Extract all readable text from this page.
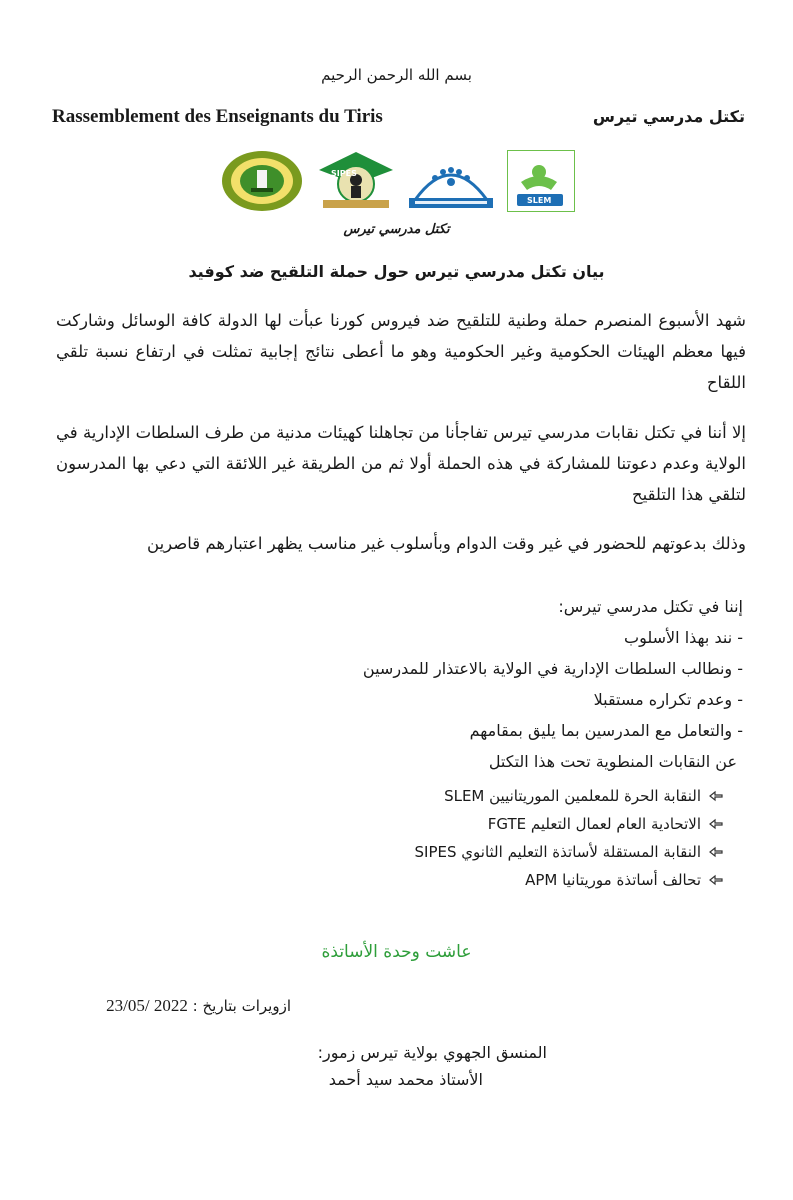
بسم الله الرحمن الرحيم
Rassemblement des Enseignants du Tiris	تكتل مدرسي تيرس
SIPES
SLEM
تكتل مدرسي تيرس
بيان تكتل مدرسي تيرس حول حملة التلقيح ضد كوفيد
شهد الأسبوع المنصرم حملة وطنية للتلقيح ضد فيروس كورنا عبأت لها الدولة كافة الوسائل وشاركت فيها معظم الهيئات الحكومية وغير الحكومية وهو ما أعطى نتائج إجابية تمثلت في ارتفاع نسبة تلقي اللقاح
إلا أننا في تكتل نقابات مدرسي تيرس تفاجأنا من تجاهلنا كهيئات مدنية من طرف السلطات الإدارية في الولاية وعدم دعوتنا للمشاركة في هذه الحملة أولا ثم من الطريقة غير اللائقة التي دعي بها المدرسون لتلقي هذا التلقيح
وذلك بدعوتهم للحضور في غير وقت الدوام وبأسلوب غير مناسب يظهر اعتبارهم قاصرين
إننا في تكتل مدرسي تيرس:
- نند بهذا الأسلوب
- ونطالب السلطات الإدارية في الولاية بالاعتذار للمدرسين
- وعدم تكراره مستقبلا
- والتعامل مع المدرسين بما يليق بمقامهم
عن النقابات المنطوية تحت هذا التكتل
النقابة الحرة للمعلمين الموريتانيين SLEM
الاتحادية العام لعمال التعليم FGTE
النقابة المستقلة لأساتذة التعليم الثانوي SIPES
تحالف أساتذة موريتانيا APM
عاشت وحدة الأساتذة
ازويرات بتاريخ : 23/05/ 2022
المنسق الجهوي بولاية تيرس زمور:
الأستاذ محمد سيد أحمد
